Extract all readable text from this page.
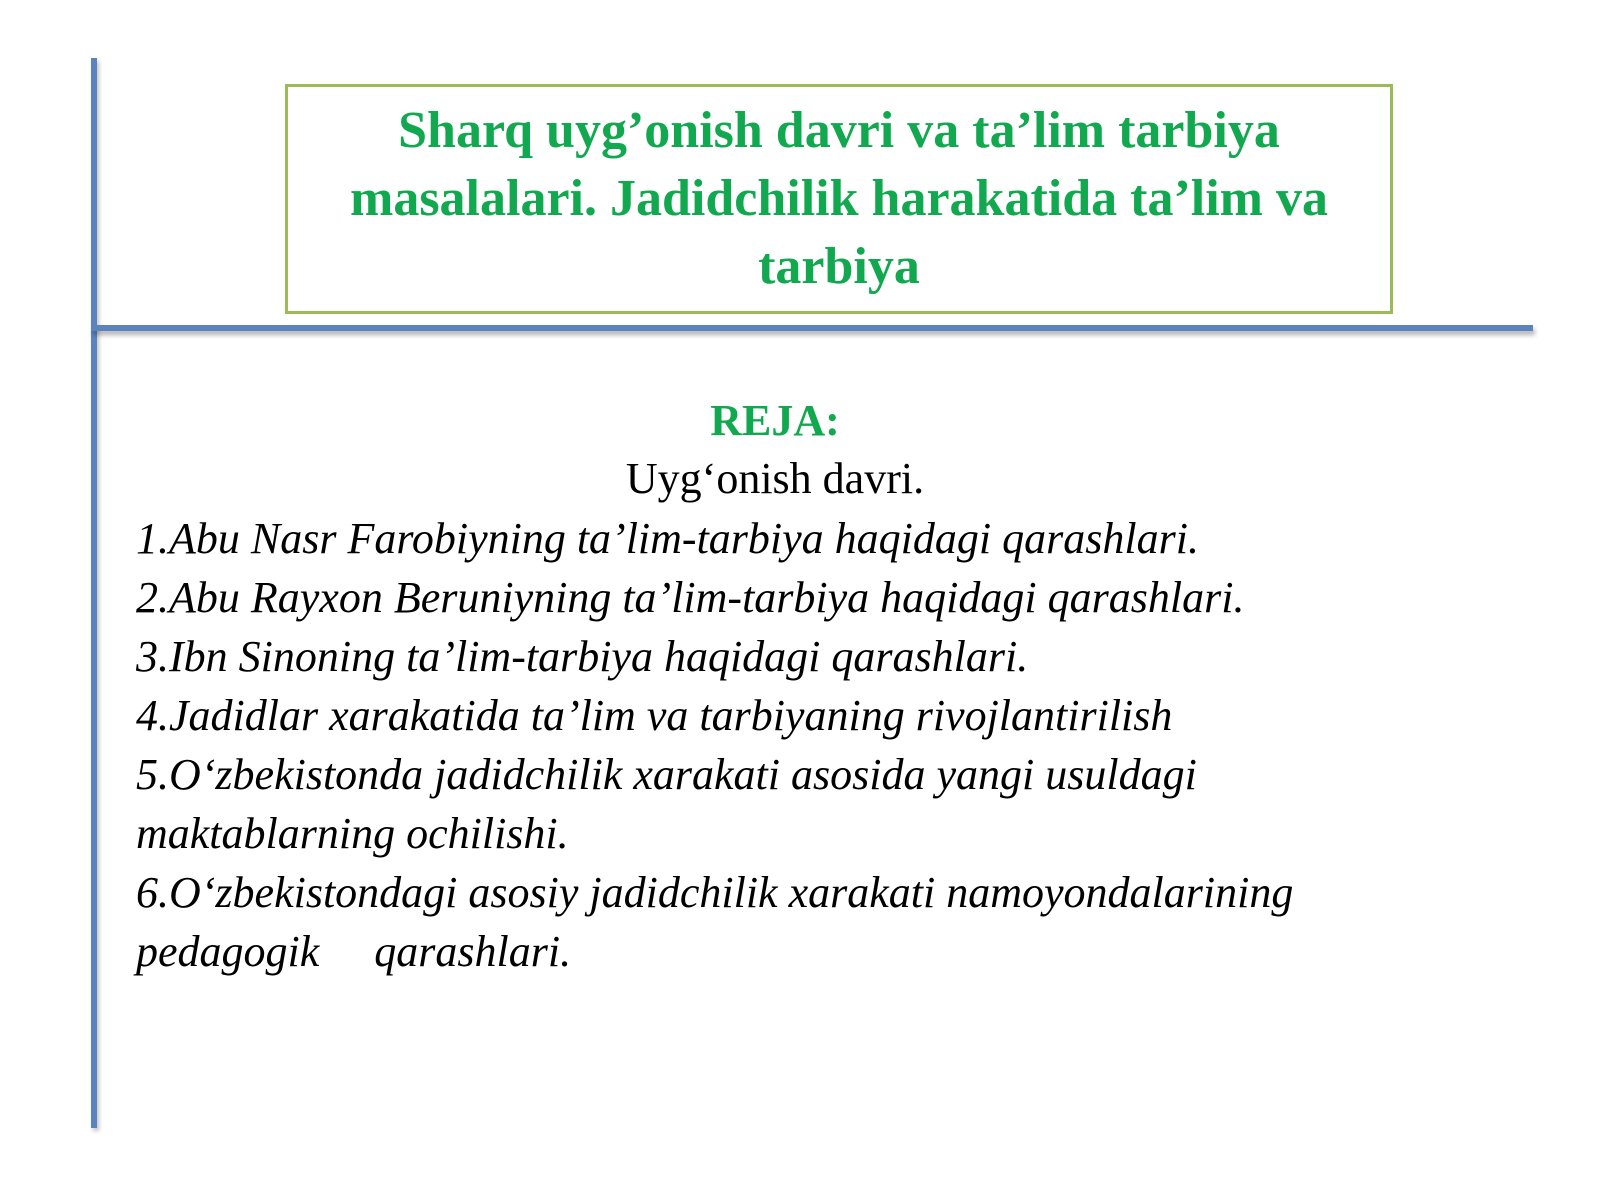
Sharq uyg’onish davri va ta’lim tarbiya masalalari. Jadidchilik harakatida ta’lim va tarbiya
REJA:
Uyg‘onish davri.
1.Abu Nasr Farobiyning ta’lim-tarbiya haqidagi qarashlari.
2.Abu Rayxon Beruniyning ta’lim-tarbiya haqidagi qarashlari.
3.Ibn Sinoning ta’lim-tarbiya haqidagi qarashlari.
4.Jadidlar xarakatida ta’lim va tarbiyaning rivojlantirilish
5.O‘zbekistonda jadidchilik xarakati asosida yangi usuldagi maktablarning ochilishi.
6.O‘zbekistondagi asosiy jadidchilik xarakati namoyondalarining pedagogik     qarashlari.
